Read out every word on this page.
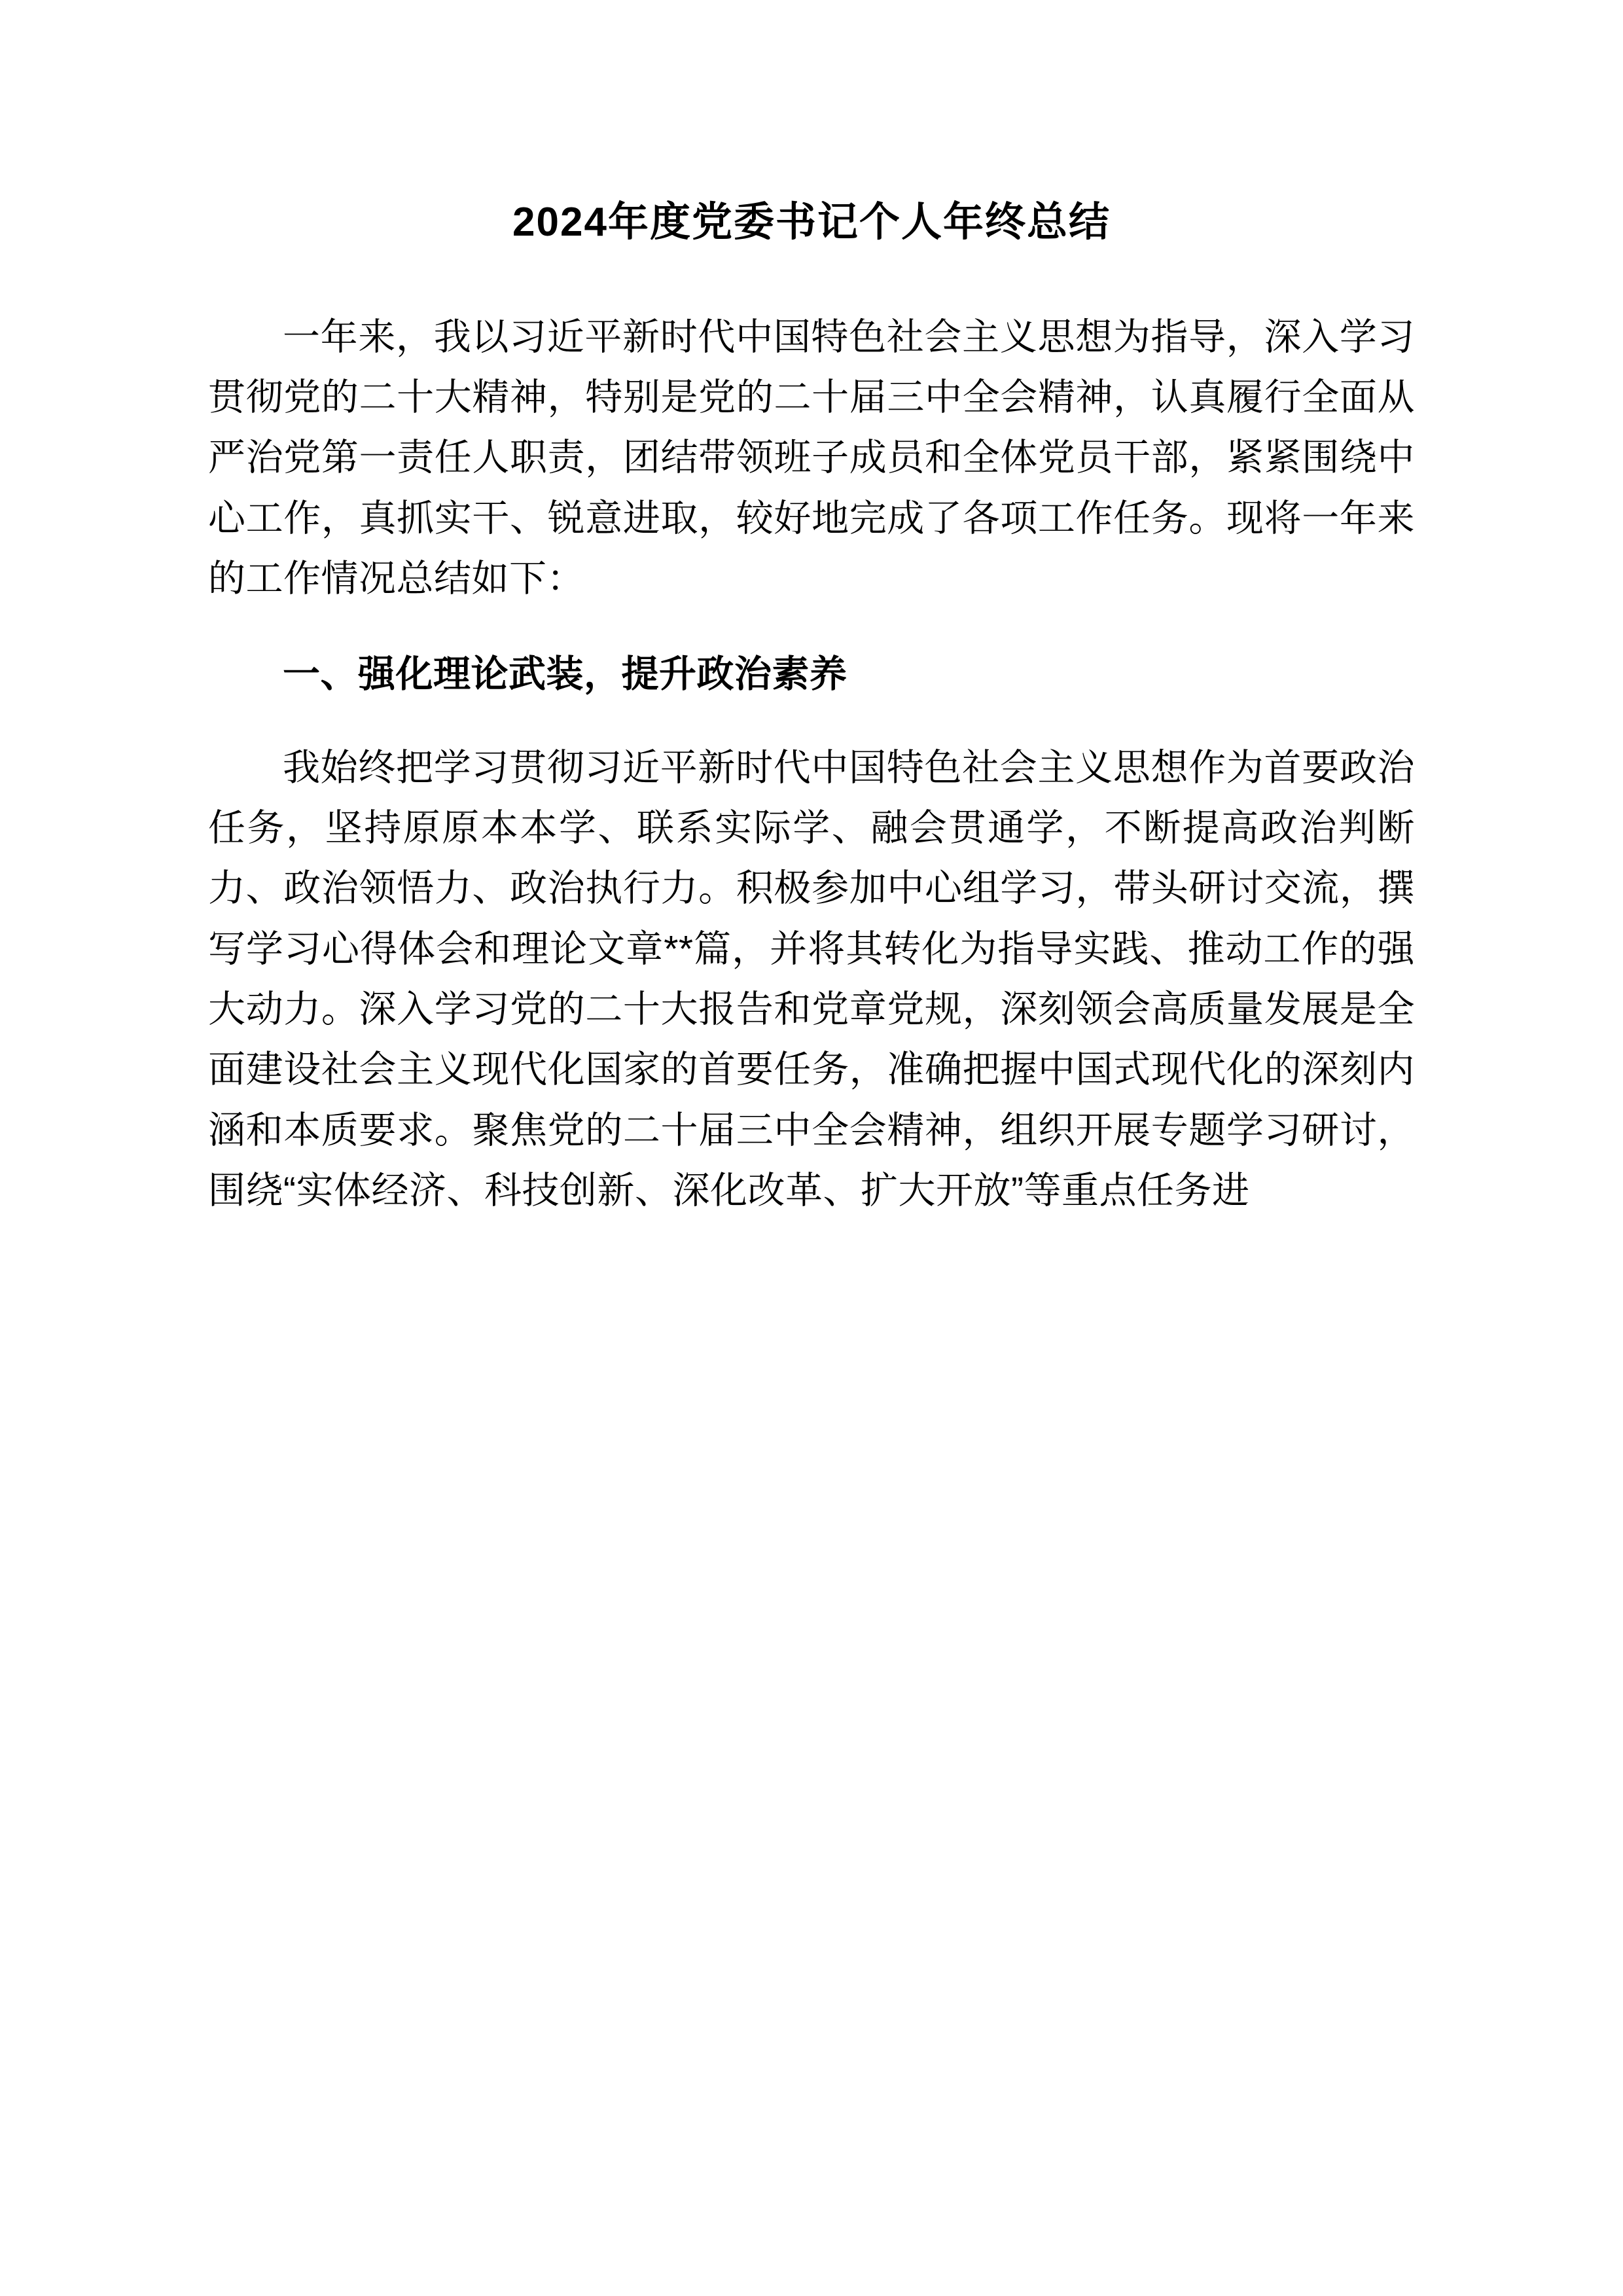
2024年度党委书记个人年终总结

一年来，我以习近平新时代中国特色社会主义思想为指导，深入学习贯彻党的二十大精神，特别是党的二十届三中全会精神，认真履行全面从严治党第一责任人职责，团结带领班子成员和全体党员干部，紧紧围绕中心工作，真抓实干、锐意进取，较好地完成了各项工作任务。现将一年来的工作情况总结如下：

一、强化理论武装，提升政治素养

我始终把学习贯彻习近平新时代中国特色社会主义思想作为首要政治任务，坚持原原本本学、联系实际学、融会贯通学，不断提高政治判断力、政治领悟力、政治执行力。积极参加中心组学习，带头研讨交流，撰写学习心得体会和理论文章**篇，并将其转化为指导实践、推动工作的强大动力。深入学习党的二十大报告和党章党规，深刻领会高质量发展是全面建设社会主义现代化国家的首要任务，准确把握中国式现代化的深刻内涵和本质要求。聚焦党的二十届三中全会精神，组织开展专题学习研讨，围绕“实体经济、科技创新、深化改革、扩大开放”等重点任务进
